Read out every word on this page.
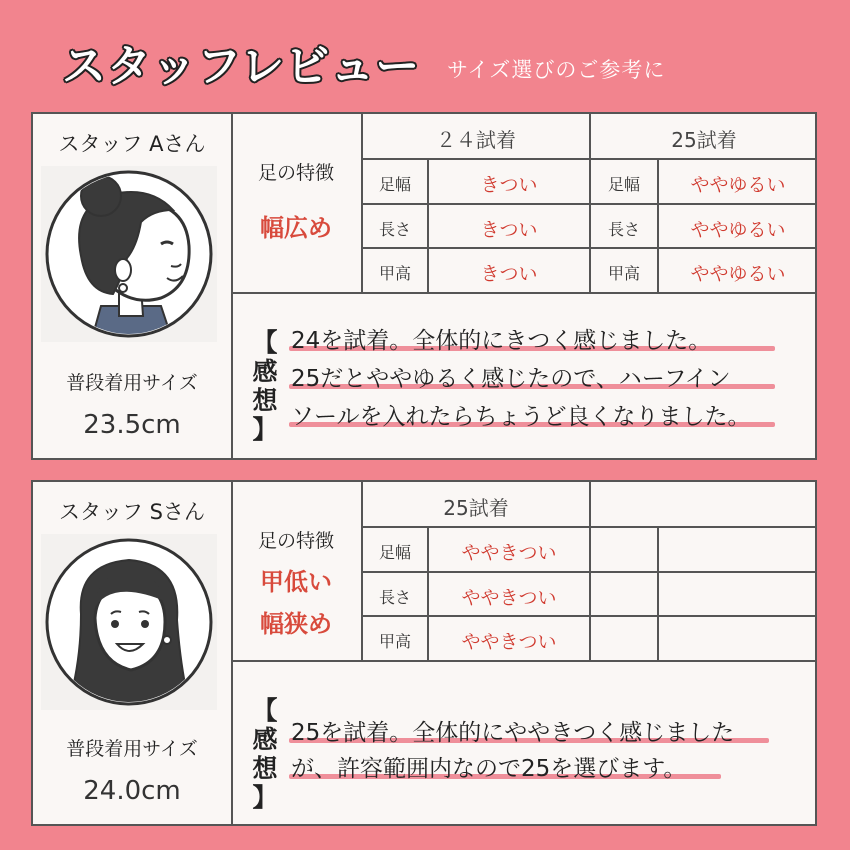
スタッフレビュー サイズ選びのご参考に
スタッフ Aさん
普段着用サイズ
23.5cm
足の特徴
幅広め
２４試着	25試着
足幅	きつい	足幅	ややゆるい
長さ	きつい	長さ	ややゆるい
甲高	きつい	甲高	ややゆるい
【
感想
】
24を試着。全体的にきつく感じました。
25だとややゆるく感じたので、ハーフイン
ソールを入れたらちょうど良くなりました。
スタッフ Sさん
普段着用サイズ
24.0cm
足の特徴
甲低い
幅狭め
25試着
足幅	ややきつい
長さ	ややきつい
甲高	ややきつい
【
感想
】
25を試着。全体的にややきつく感じました
が、許容範囲内なので25を選びます。
